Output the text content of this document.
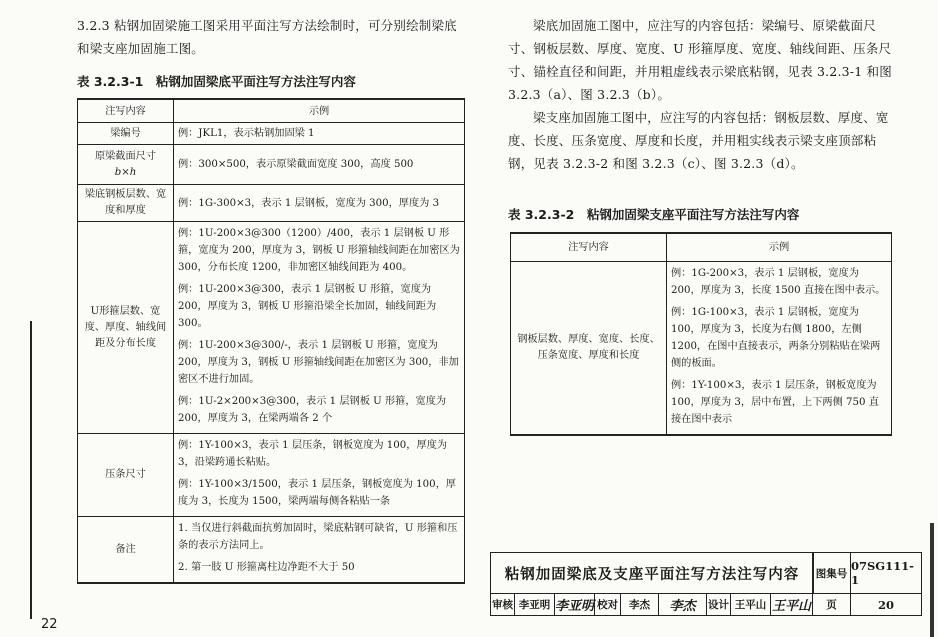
3.2.3 粘钢加固梁施工图采用平面注写方法绘制时，可分别绘制梁底和梁支座加固施工图。
表 3.2.3-1　粘钢加固梁底平面注写方法注写内容
注写内容	示例
梁编号	例：JKL1，表示粘钢加固梁 1

原梁截面尺寸
b×h	例：300×500，表示原梁截面宽度 300，高度 500
梁底钢板层数、宽度和厚度	例：1G-300×3，表示 1 层钢板，宽度为 300，厚度为 3
U形箍层数、宽度、厚度、轴线间距及分布长度	例：1U-200×3@300（1200）/400，表示 1 层钢板 U 形箍，宽度为 200，厚度为 3，钢板 U 形箍轴线间距在加密区为 300，分布长度 1200，非加密区轴线间距为 400。
例：1U-200×3@300，表示 1 层钢板 U 形箍，宽度为 200，厚度为 3，钢板 U 形箍沿梁全长加固，轴线间距为 300。
例：1U-200×3@300/-，表示 1 层钢板 U 形箍，宽度为 200，厚度为 3，钢板 U 形箍轴线间距在加密区为 300，非加密区不进行加固。
例：1U-2×200×3@300，表示 1 层钢板 U 形箍，宽度为 200，厚度为 3，在梁两端各 2 个

压条尺寸	例：1Y-100×3，表示 1 层压条，钢板宽度为 100，厚度为 3，沿梁跨通长粘贴。
例：1Y-100×3/1500，表示 1 层压条，钢板宽度为 100，厚度为 3，长度为 1500，梁两端每侧各粘贴一条

备注	1. 当仅进行斜截面抗剪加固时，梁底粘钢可缺省，U 形箍和压条的表示方法同上。
2. 第一肢 U 形箍离柱边净距不大于 50
梁底加固施工图中，应注写的内容包括：梁编号、原梁截面尺寸、钢板层数、厚度、宽度、U 形箍厚度、宽度、轴线间距、压条尺寸、锚栓直径和间距，并用粗虚线表示梁底粘钢，见表 3.2.3-1 和图 3.2.3（a）、图 3.2.3（b）。
梁支座加固施工图中，应注写的内容包括：钢板层数、厚度、宽度、长度、压条宽度、厚度和长度，并用粗实线表示梁支座顶部粘钢，见表 3.2.3-2 和图 3.2.3（c）、图 3.2.3（d）。
表 3.2.3-2　粘钢加固梁支座平面注写方法注写内容
注写内容	示例
钢板层数、厚度、宽度、长度、压条宽度、厚度和长度	例：1G-200×3，表示 1 层钢板，宽度为 200，厚度为 3，长度 1500 直接在图中表示。
例：1G-100×3，表示 1 层钢板，宽度为 100，厚度为 3，长度为右侧 1800，左侧 1200，在图中直接表示，两条分别粘贴在梁两侧的板面。
例：1Y-100×3，表示 1 层压条，钢板宽度为 100，厚度为 3，居中布置，上下两侧 750 直接在图中表示
粘钢加固梁底及支座平面注写方法注写内容	图集号
07SG111-1
审核 李亚明 李亚明 校对	李杰	李杰	设计 王平山 王平山	页	20
22
